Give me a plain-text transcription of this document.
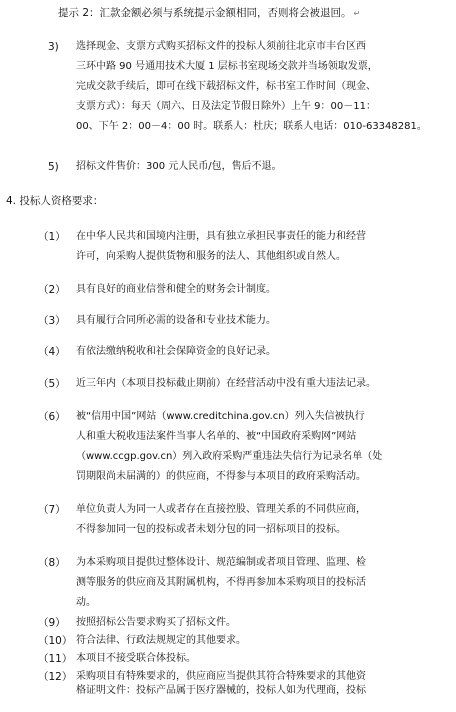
提示 2：汇款金额必须与系统提示金额相同，否则将会被退回。 ↵
3) 选择现金、支票方式购买招标文件的投标人须前往北京市丰台区西
三环中路 90 号通用技术大厦 1 层标书室现场交款并当场领取发票，
完成交款手续后，即可在线下载招标文件，标书室工作时间（现金、
支票方式）：每天（周六、日及法定节假日除外）上午 9：00－11：
00、下午 2：00－4：00 时。联系人：杜庆；联系人电话：010-63348281。
5) 招标文件售价：300 元人民币/包，售后不退。
4. 投标人资格要求：
（1） 在中华人民共和国境内注册，具有独立承担民事责任的能力和经营
许可，向采购人提供货物和服务的法人、其他组织或自然人。
（2） 具有良好的商业信誉和健全的财务会计制度。
（3） 具有履行合同所必需的设备和专业技术能力。
（4） 有依法缴纳税收和社会保障资金的良好记录。
（5） 近三年内（本项目投标截止期前）在经营活动中没有重大违法记录。
（6） 被“信用中国”网站（www.creditchina.gov.cn）列入失信被执行
人和重大税收违法案件当事人名单的、被“中国政府采购网”网站
（www.ccgp.gov.cn）列入政府采购严重违法失信行为记录名单（处
罚期限尚未届满的）的供应商，不得参与本项目的政府采购活动。
（7） 单位负责人为同一人或者存在直接控股、管理关系的不同供应商，
不得参加同一包的投标或者未划分包的同一招标项目的投标。
（8） 为本采购项目提供过整体设计、规范编制或者项目管理、监理、检
测等服务的供应商及其附属机构，不得再参加本采购项目的投标活
动。
（9） 按照招标公告要求购买了招标文件。
（10） 符合法律、行政法规规定的其他要求。
（11） 本项目不接受联合体投标。
（12） 采购项目有特殊要求的，供应商应当提供其符合特殊要求的其他资
格证明文件：投标产品属于医疗器械的，投标人如为代理商，投标
